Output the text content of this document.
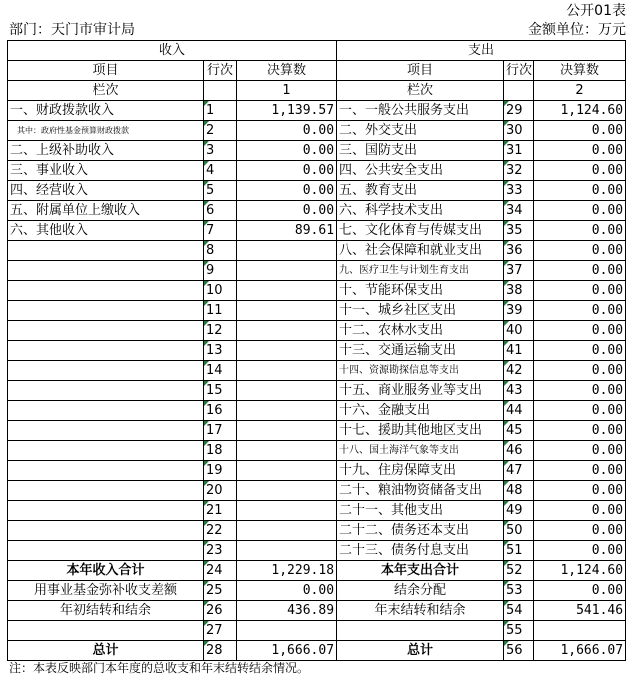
公开01表
部门：天门市审计局	金额单位：万元
收入			支出		
项目	行次	决算数	项目	行次	决算数
栏次		1	栏次		2
一、财政拨款收入	1	1,139.57	一、一般公共服务支出	29	1,124.60
其中：政府性基金预算财政拨款	2	0.00	二、外交支出	30	0.00
二、上级补助收入	3	0.00	三、国防支出	31	0.00
三、事业收入	4	0.00	四、公共安全支出	32	0.00
四、经营收入	5	0.00	五、教育支出	33	0.00
五、附属单位上缴收入	6	0.00	六、科学技术支出	34	0.00
六、其他收入	7	89.61	七、文化体育与传媒支出	35	0.00
	8		八、社会保障和就业支出	36	0.00
	9		九、医疗卫生与计划生育支出	37	0.00
	10		十、节能环保支出	38	0.00
	11		十一、城乡社区支出	39	0.00
	12		十二、农林水支出	40	0.00
	13		十三、交通运输支出	41	0.00
	14		十四、资源勘探信息等支出	42	0.00
	15		十五、商业服务业等支出	43	0.00
	16		十六、金融支出	44	0.00
	17		十七、援助其他地区支出	45	0.00
	18		十八、国土海洋气象等支出	46	0.00
	19		十九、住房保障支出	47	0.00
	20		二十、粮油物资储备支出	48	0.00
	21		二十一、其他支出	49	0.00
	22		二十二、债务还本支出	50	0.00
	23		二十三、债务付息支出	51	0.00
本年收入合计	24	1,229.18	本年支出合计	52	1,124.60
用事业基金弥补收支差额	25	0.00	结余分配	53	0.00
年初结转和结余	26	436.89	年末结转和结余	54	541.46
	27			55	
总计	28	1,666.07	总计	56	1,666.07
注：本表反映部门本年度的总收支和年末结转结余情况。
